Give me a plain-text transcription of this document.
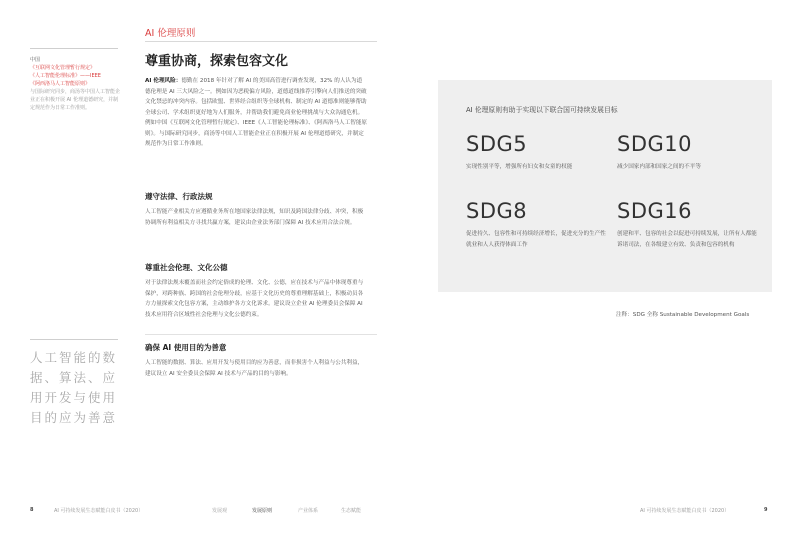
中国
《互联网文化管理暂行规定》
《人工智能伦理标准》——IEEE
《阿西洛马人工智能原则》
与国际研究同步，商汤等中国人工智能企业正在积极开展 AI 伦理道德研究，并制定规范作为日常工作准则。
人工智能的数据、算法、应用开发与使用目的应为善意
AI 伦理原则
尊重协商，探索包容文化
AI 伦理风险：德勤在 2018 年针对了解 AI 的美国高管进行调查发现，32% 的人认为道德伦理是 AI 三大风险之一。例如因为恶税偏方风险，道德道线推荐引擎向人们推送的突破文化禁忌的冲突内容。包括欧盟、世界经合组织等全球机构、制定的 AI 道德准则能够帮助全球公司、学术组织更好地为人们服务，并帮助我们避免商业伦理挑战与大众沟通危机。例如中国《互联网文化管理暂行规定》、IEEE《人工智能伦理标准》、《阿西洛马人工智能原则》。与国际研究同步，商汤等中国人工智能企业正在积极开展 AI 伦理道德研究，并制定规范作为日常工作准则。
遵守法律、行政法规
人工智能产业相关方应遵循业务所在地国家法律法规，知识及跨国法律分歧、冲突，积极协调所有利益相关方寻找共赢方案，建议由企业法务部门保障 AI 技术应用合法合规。
尊重社会伦理、文化公德
对于法律法规未覆盖而社会约定俗成的伦理、文化、公德，应在技术与产品中体现尊重与保护，对跨种族、跨国的社会伦理分歧，应基于文化历史的尊重理解基础上，积极动员各方力量探索文化包容方案，主动维护各方文化诉求。建议设立企业 AI 伦理委员会保障 AI 技术应用符合区域性社会伦理与文化公德约束。
确保 AI 使用目的为善意
人工智能的数据、算法、应用开发与使用目的应为善意，而非损害个人利益与公共利益，建议设立 AI 安全委员会保障 AI 技术与产品的目的与影响。
AI 伦理原则有助于实现以下联合国可持续发展目标
SDG5
实现性别平等，增强所有妇女和女童的权能
SDG10
减少国家内部和国家之间的不平等
SDG8
促进持久、包容性和可持续经济增长，促进充分的生产性就业和人人获得体面工作
SDG16
创建和平、包容的社会以促进可持续发展，让所有人都能诉诸司法，在各级建立有效、负责和包容的机构
注释：SDG 全称 Sustainable Development Goals
8	AI 可持续发展生态赋能白皮书（2020）	发展观	发展原则	产业体系	生态赋能	AI 可持续发展生态赋能白皮书（2020）	9
